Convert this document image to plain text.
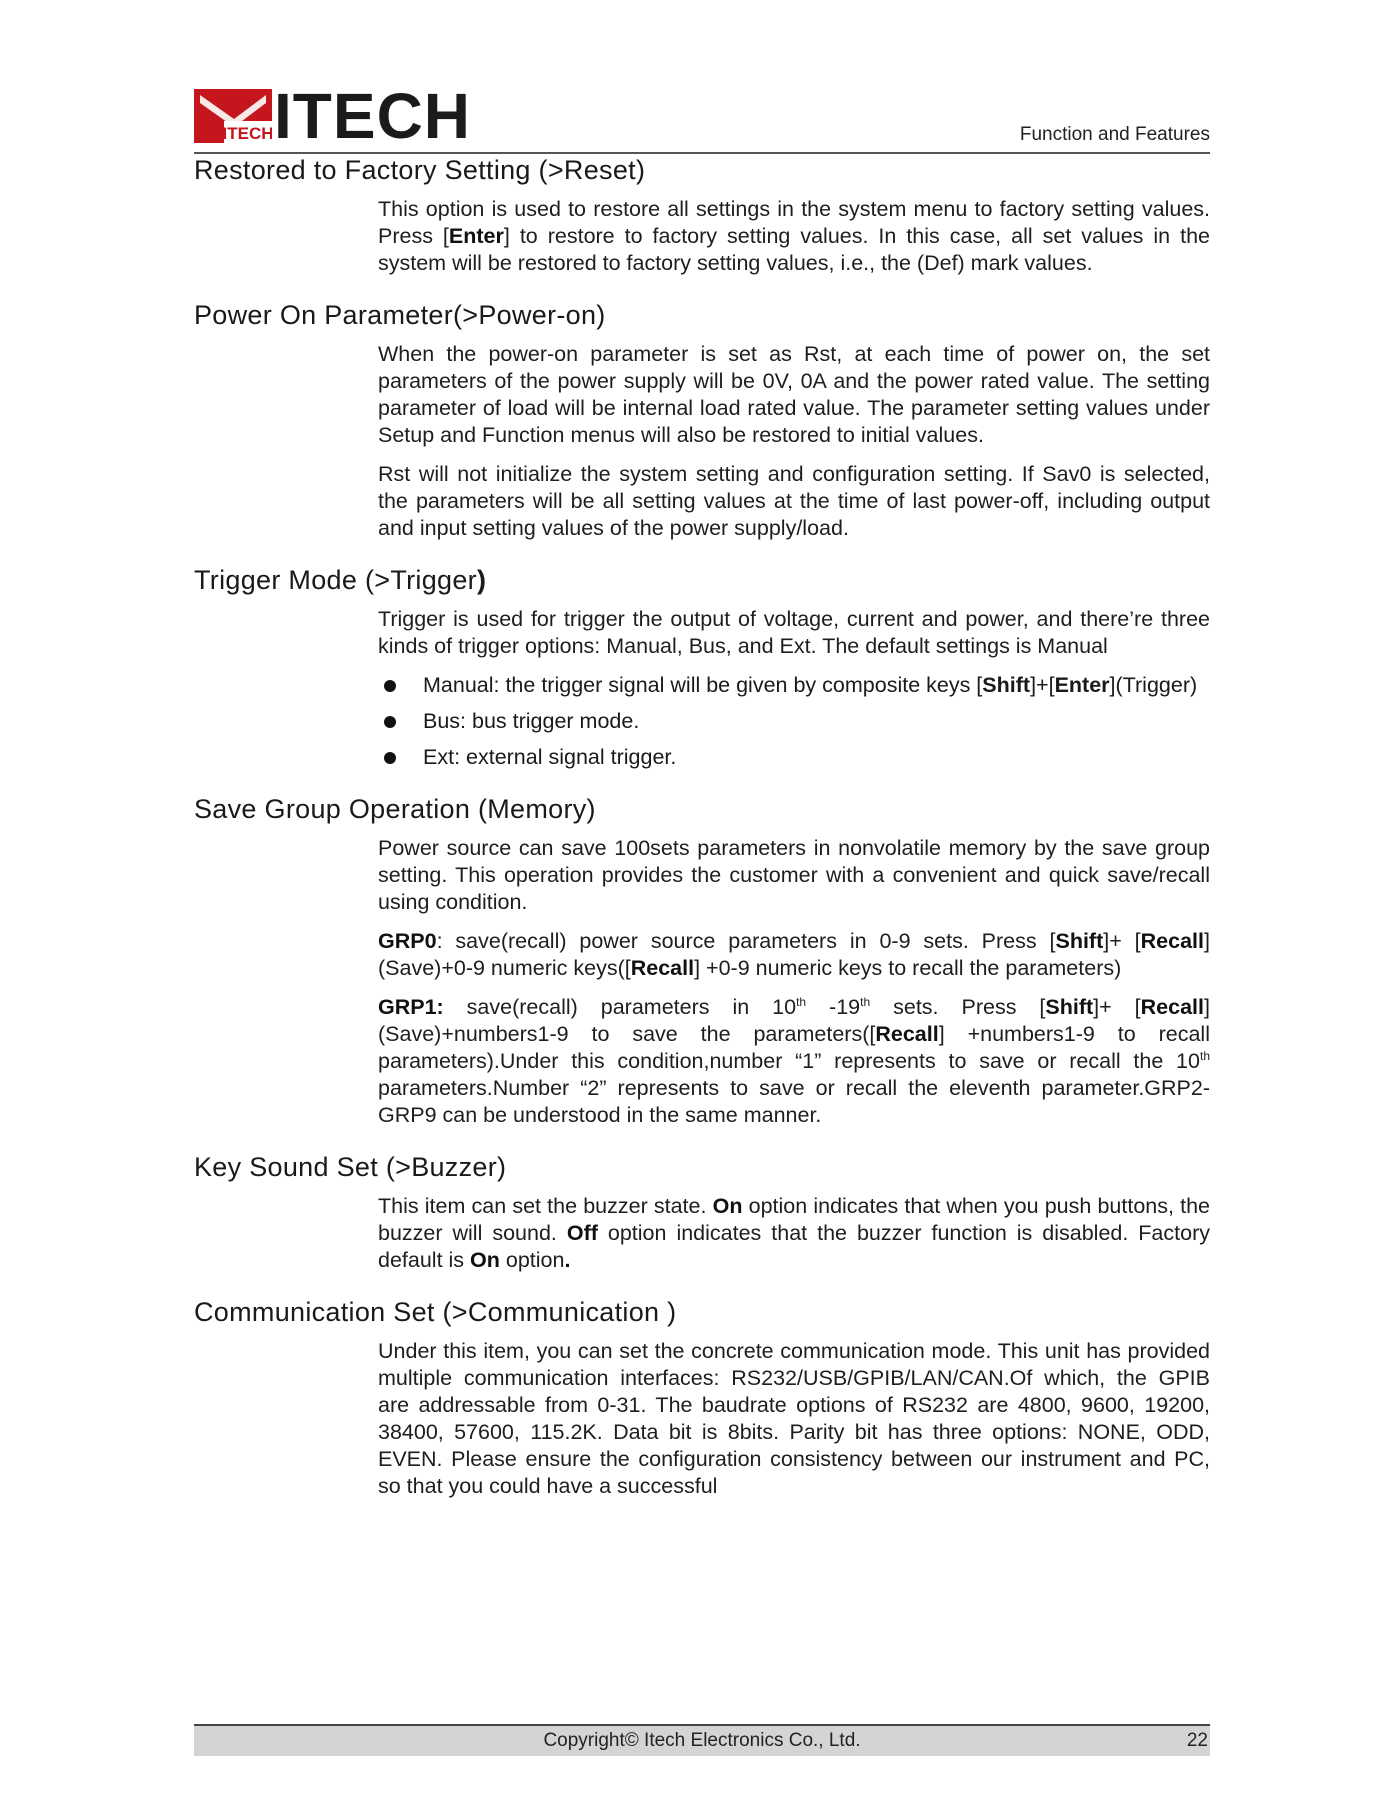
ITECH ITECH	Function and Features
Restored to Factory Setting (>Reset)

This option is used to restore all settings in the system menu to factory setting values. Press [Enter] to restore to factory setting values. In this case, all set values in the system will be restored to factory setting values, i.e., the (Def) mark values.

Power On Parameter(>Power-on)

When the power-on parameter is set as Rst, at each time of power on, the set parameters of the power supply will be 0V, 0A and the power rated value. The setting parameter of load will be internal load rated value. The parameter setting values under Setup and Function menus will also be restored to initial values.

Rst will not initialize the system setting and configuration setting. If Sav0 is selected, the parameters will be all setting values at the time of last power-off, including output and input setting values of the power supply/load.

Trigger Mode (>Trigger)

Trigger is used for trigger the output of voltage, current and power, and there’re three kinds of trigger options: Manual, Bus, and Ext. The default settings is Manual

Manual: the trigger signal will be given by composite keys [Shift]+[Enter](Trigger)
Bus: bus trigger mode.
Ext: external signal trigger.
Save Group Operation (Memory)

Power source can save 100sets parameters in nonvolatile memory by the save group setting. This operation provides the customer with a convenient and quick save/recall using condition.

GRP0: save(recall) power source parameters in 0-9 sets. Press [Shift]+ [Recall](Save)+0-9 numeric keys([Recall] +0-9 numeric keys to recall the parameters)

GRP1: save(recall) parameters in 10th -19th sets. Press [Shift]+ [Recall](Save)+numbers1-9 to save the parameters([Recall] +numbers1-9 to recall parameters).Under this condition,number “1” represents to save or recall the 10th parameters.Number “2” represents to save or recall the eleventh parameter.GRP2-GRP9 can be understood in the same manner.

Key Sound Set (>Buzzer)

This item can set the buzzer state. On option indicates that when you push buttons, the buzzer will sound. Off option indicates that the buzzer function is disabled. Factory default is On option.

Communication Set (>Communication )

Under this item, you can set the concrete communication mode. This unit has provided multiple communication interfaces: RS232/USB/GPIB/LAN/CAN.Of which, the GPIB are addressable from 0-31. The baudrate options of RS232 are 4800, 9600, 19200, 38400, 57600, 115.2K. Data bit is 8bits. Parity bit has three options: NONE, ODD, EVEN. Please ensure the configuration consistency between our instrument and PC, so that you could have a successful

Copyright© Itech Electronics Co., Ltd.	22
